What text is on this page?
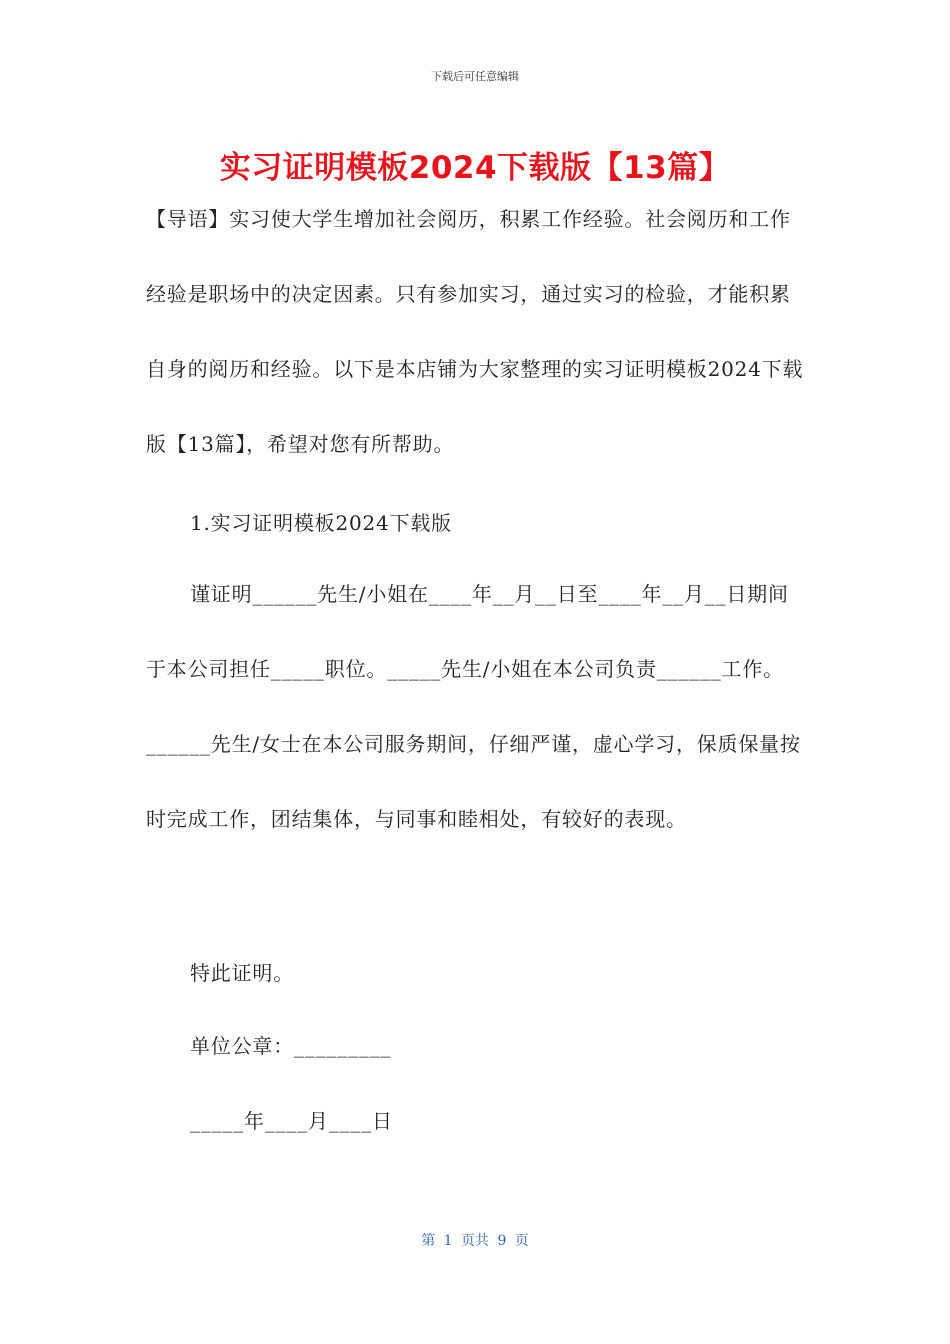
下载后可任意编辑
实习证明模板2024下载版【13篇】

【导语】实习使大学生增加社会阅历，积累工作经验。社会阅历和工作经验是职场中的决定因素。只有参加实习，通过实习的检验，才能积累自身的阅历和经验。以下是本店铺为大家整理的实习证明模板2024下载版【13篇】，希望对您有所帮助。

1.实习证明模板2024下载版

谨证明______先生/小姐在____年__月__日至____年__月__日期间于本公司担任_____职位。_____先生/小姐在本公司负责______工作。______先生/女士在本公司服务期间，仔细严谨，虚心学习，保质保量按时完成工作，团结集体，与同事和睦相处，有较好的表现。

特此证明。
单位公章：_________
_____年____月____日
第 1 页共 9 页
